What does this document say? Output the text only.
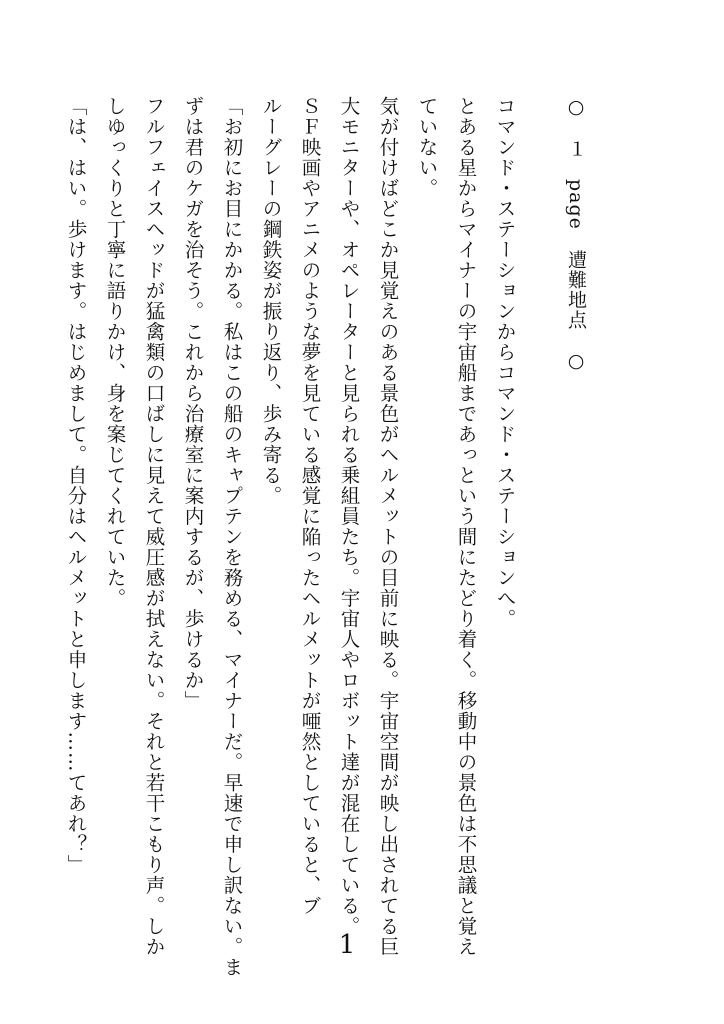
○　１　page　遭難地点　○
コマンド・ステーションからコマンド・ステーションへ。
とある星からマイナーの宇宙船まであっという間にたどり着く。移動中の景色は不思議と覚え
ていない。
気が付けばどこか見覚えのある景色がヘルメットの目前に映る。宇宙空間が映し出されてる巨
大モニターや、オペレーターと見られる乗組員たち。宇宙人やロボット達が混在している。
ＳＦ映画やアニメのような夢を見ている感覚に陥ったヘルメットが唖然としていると、ブ
ルーグレーの鋼鉄姿が振り返り、歩み寄る。
「お初にお目にかかる。私はこの船のキャプテンを務める、マイナーだ。早速で申し訳ない。ま
ずは君のケガを治そう。これから治療室に案内するが、歩けるか」
フルフェイスヘッドが猛禽類の口ばしに見えて威圧感が拭えない。それと若干こもり声。しか
しゆっくりと丁寧に語りかけ、身を案じてくれていた。
「は、はい。歩けます。はじめまして。自分はヘルメットと申します……てあれ？」
1
